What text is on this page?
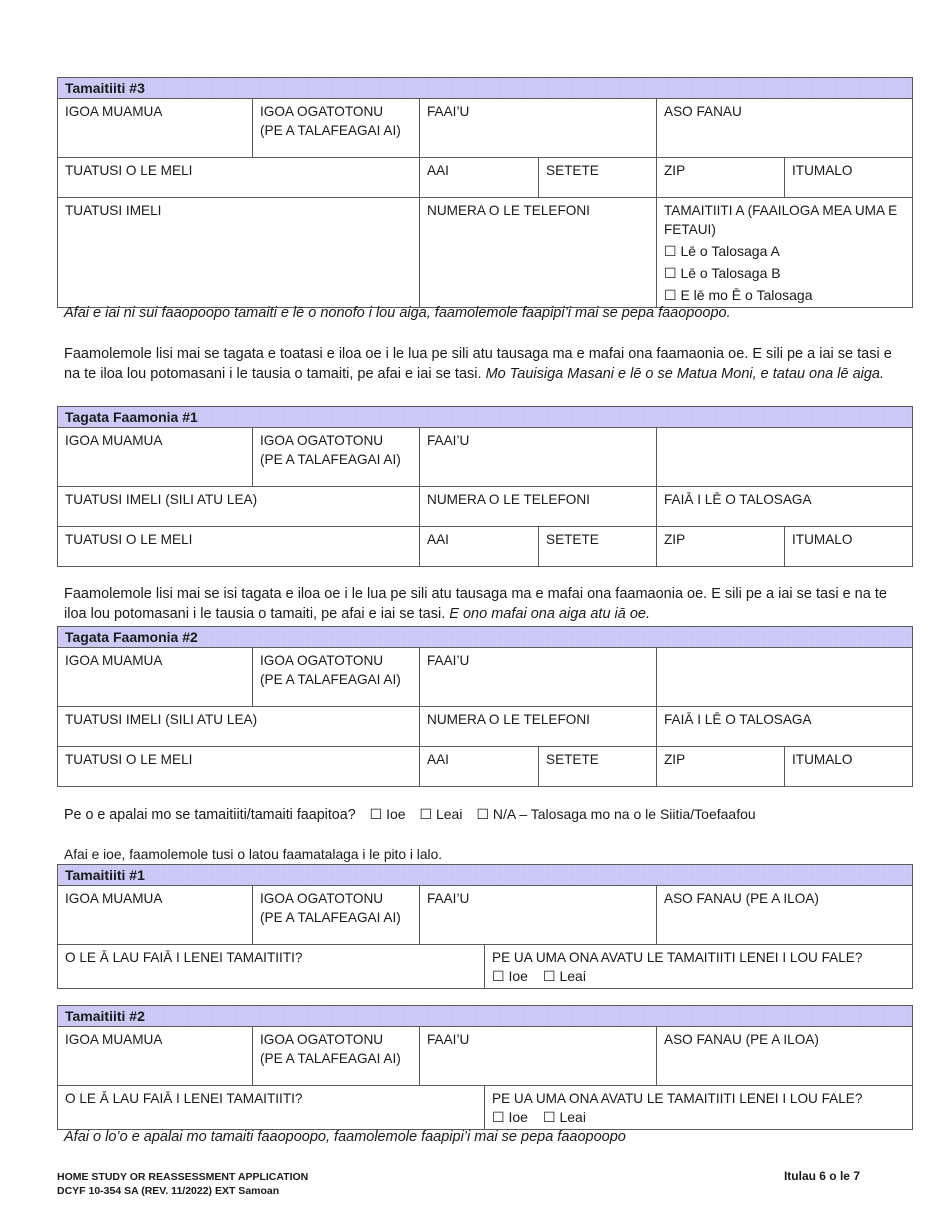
Tamaitiiti #3					
IGOA MUAMUA	IGOA OGATOTONU
(PE A TALAFEAGAI AI)	FAAI’U		ASO FANAU	
TUATUSI O LE MELI		AAI	SETETE	ZIP	ITUMALO
TUATUSI IMELI		NUMERA O LE TELEFONI		TAMAITIITI A (FAAILOGA MEA UMA E FETAUI)
☐ Lē o Talosaga A
☐ Lē o Talosaga B
☐ E lē mo Ē o Talosaga	
Afai e iai ni sui faaopoopo tamaiti e lē o nonofo i lou aiga, faamolemole faapipi’i mai se pepa faaopoopo.
Faamolemole lisi mai se tagata e toatasi e iloa oe i le lua pe sili atu tausaga ma e mafai ona faamaonia oe. E sili pe a iai se tasi e na te iloa lou potomasani i le tausia o tamaiti, pe afai e iai se tasi. Mo Tauisiga Masani e lē o se Matua Moni, e tatau ona lē aiga.
Tagata Faamonia #1					
IGOA MUAMUA	IGOA OGATOTONU
(PE A TALAFEAGAI AI)	FAAI’U			
TUATUSI IMELI (SILI ATU LEA)		NUMERA O LE TELEFONI		FAIĀ I LĒ O TALOSAGA	
TUATUSI O LE MELI		AAI	SETETE	ZIP	ITUMALO
Faamolemole lisi mai se isi tagata e iloa oe i le lua pe sili atu tausaga ma e mafai ona faamaonia oe. E sili pe a iai se tasi e na te iloa lou potomasani i le tausia o tamaiti, pe afai e iai se tasi. E ono mafai ona aiga atu iā oe.
Tagata Faamonia #2					
IGOA MUAMUA	IGOA OGATOTONU
(PE A TALAFEAGAI AI)	FAAI’U			
TUATUSI IMELI (SILI ATU LEA)		NUMERA O LE TELEFONI		FAIĀ I LĒ O TALOSAGA	
TUATUSI O LE MELI		AAI	SETETE	ZIP	ITUMALO
Pe o e apalai mo se tamaitiiti/tamaiti faapitoa? ☐ Ioe ☐ Leai ☐ N/A – Talosaga mo na o le Siitia/Toefaafou
Afai e ioe, faamolemole tusi o latou faamatalaga i le pito i lalo.
Tamaitiiti #1				
IGOA MUAMUA	IGOA OGATOTONU
(PE A TALAFEAGAI AI)	FAAI’U		ASO FANAU (PE A ILOA)
O LE Ā LAU FAIĀ I LENEI TAMAITIITI?			PE UA UMA ONA AVATU LE TAMAITIITI LENEI I LOU FALE?
☐ Ioe ☐ Leai	
Tamaitiiti #2				
IGOA MUAMUA	IGOA OGATOTONU
(PE A TALAFEAGAI AI)	FAAI’U		ASO FANAU (PE A ILOA)
O LE Ā LAU FAIĀ I LENEI TAMAITIITI?			PE UA UMA ONA AVATU LE TAMAITIITI LENEI I LOU FALE?
☐ Ioe ☐ Leai	
Afai o lo’o e apalai mo tamaiti faaopoopo, faamolemole faapipi’i mai se pepa faaopoopo
HOME STUDY OR REASSESSMENT APPLICATION
DCYF 10-354 SA (REV. 11/2022) EXT Samoan
Itulau 6 o le 7
